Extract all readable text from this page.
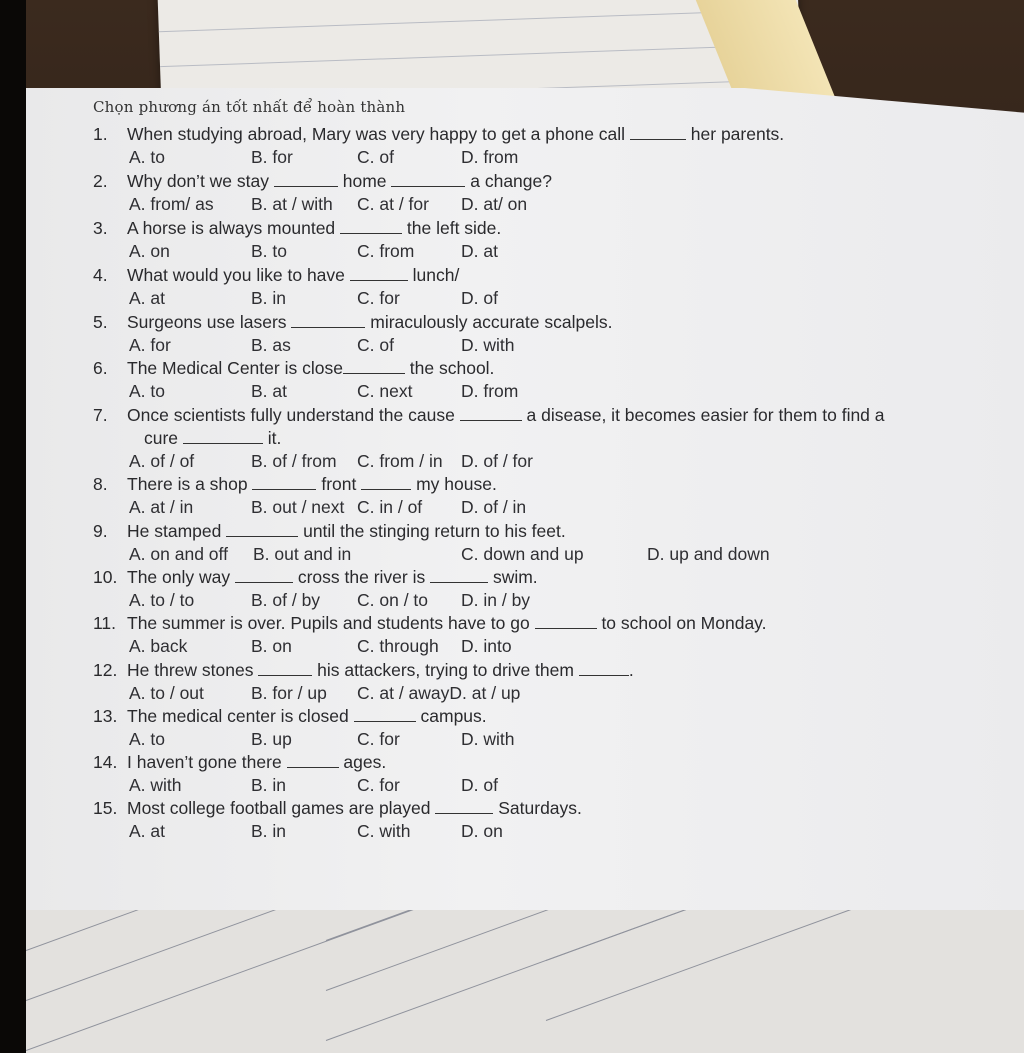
Chọn phương án tốt nhất để hoàn thành
1. When studying abroad, Mary was very happy to get a phone call	her parents.
A. to	B. for	C. of	D. from
2. Why don’t we stay	home	a change?
A. from/ as B. at / with C. at / for D. at/ on
3. A horse is always mounted	the left side.
A. on	B. to	C. from	D. at
4. What would you like to have	lunch/
A. at	B. in	C. for	D. of
5. Surgeons use lasers	miraculously accurate scalpels.
A. for	B. as	C. of	D. with
6. The Medical Center is close	the school.
A. to	B. at	C. next	D. from
7. Once scientists fully understand the cause	a disease, it becomes easier for them to find a
cure	it.
A. of / of	B. of / from C. from / in D. of / for
8. There is a shop	front	my house.
A. at / in	B. out / next C. in / of D. of / in
9. He stamped	until the stinging return to his feet.
A. on and off B. out and in	C. down and up	D. up and down
10. The only way	cross the river is	swim.
A. to / to	B. of / by C. on / to D. in / by
11. The summer is over. Pupils and students have to go	to school on Monday.
A. back	B. on	C. through D. into
12. He threw stones	his attackers, trying to drive them	.
A. to / out	B. for / up C. at / awayD. at / up
13. The medical center is closed	campus.
A. to	B. up	C. for	D. with
14. I haven’t gone there	ages.
A. with	B. in	C. for	D. of
15. Most college football games are played	Saturdays.
A. at	B. in	C. with	D. on
